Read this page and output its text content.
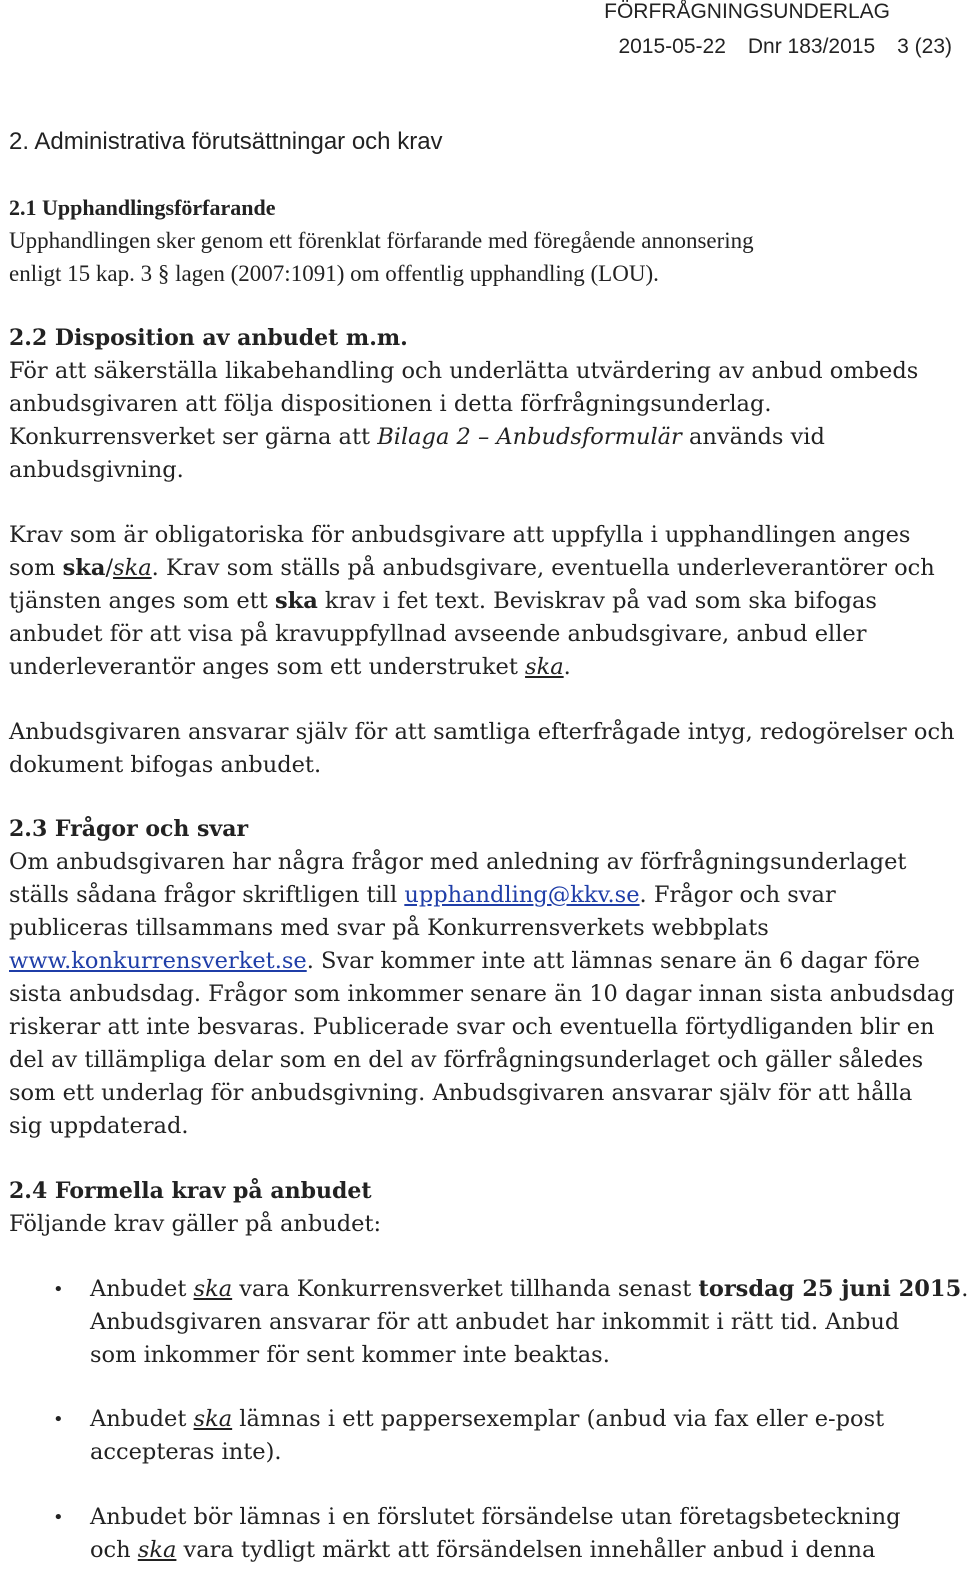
FÖRFRÅGNINGSUNDERLAG
2015-05-22 Dnr 183/2015 3 (23)
2. Administrativa förutsättningar och krav
2.1 Upphandlingsförfarande
Upphandlingen sker genom ett förenklat förfarande med föregående annonsering
enligt 15 kap. 3 § lagen (2007:1091) om offentlig upphandling (LOU).
2.2 Disposition av anbudet m.m.
För att säkerställa likabehandling och underlätta utvärdering av anbud ombeds
anbudsgivaren att följa dispositionen i detta förfrågningsunderlag.
Konkurrensverket ser gärna att Bilaga 2 – Anbudsformulär används vid
anbudsgivning.
Krav som är obligatoriska för anbudsgivare att uppfylla i upphandlingen anges
som ska/ska. Krav som ställs på anbudsgivare, eventuella underleverantörer och
tjänsten anges som ett ska krav i fet text. Beviskrav på vad som ska bifogas
anbudet för att visa på kravuppfyllnad avseende anbudsgivare, anbud eller
underleverantör anges som ett understruket ska.
Anbudsgivaren ansvarar själv för att samtliga efterfrågade intyg, redogörelser och
dokument bifogas anbudet.
2.3 Frågor och svar
Om anbudsgivaren har några frågor med anledning av förfrågningsunderlaget
ställs sådana frågor skriftligen till upphandling@kkv.se. Frågor och svar
publiceras tillsammans med svar på Konkurrensverkets webbplats
www.konkurrensverket.se. Svar kommer inte att lämnas senare än 6 dagar före
sista anbudsdag. Frågor som inkommer senare än 10 dagar innan sista anbudsdag
riskerar att inte besvaras. Publicerade svar och eventuella förtydliganden blir en
del av tillämpliga delar som en del av förfrågningsunderlaget och gäller således
som ett underlag för anbudsgivning. Anbudsgivaren ansvarar själv för att hålla
sig uppdaterad.
2.4 Formella krav på anbudet
Följande krav gäller på anbudet:
• Anbudet ska vara Konkurrensverket tillhanda senast torsdag 25 juni 2015.
Anbudsgivaren ansvarar för att anbudet har inkommit i rätt tid. Anbud
som inkommer för sent kommer inte beaktas.
• Anbudet ska lämnas i ett pappersexemplar (anbud via fax eller e-post
accepteras inte).
• Anbudet bör lämnas i en förslutet försändelse utan företagsbeteckning
och ska vara tydligt märkt att försändelsen innehåller anbud i denna
